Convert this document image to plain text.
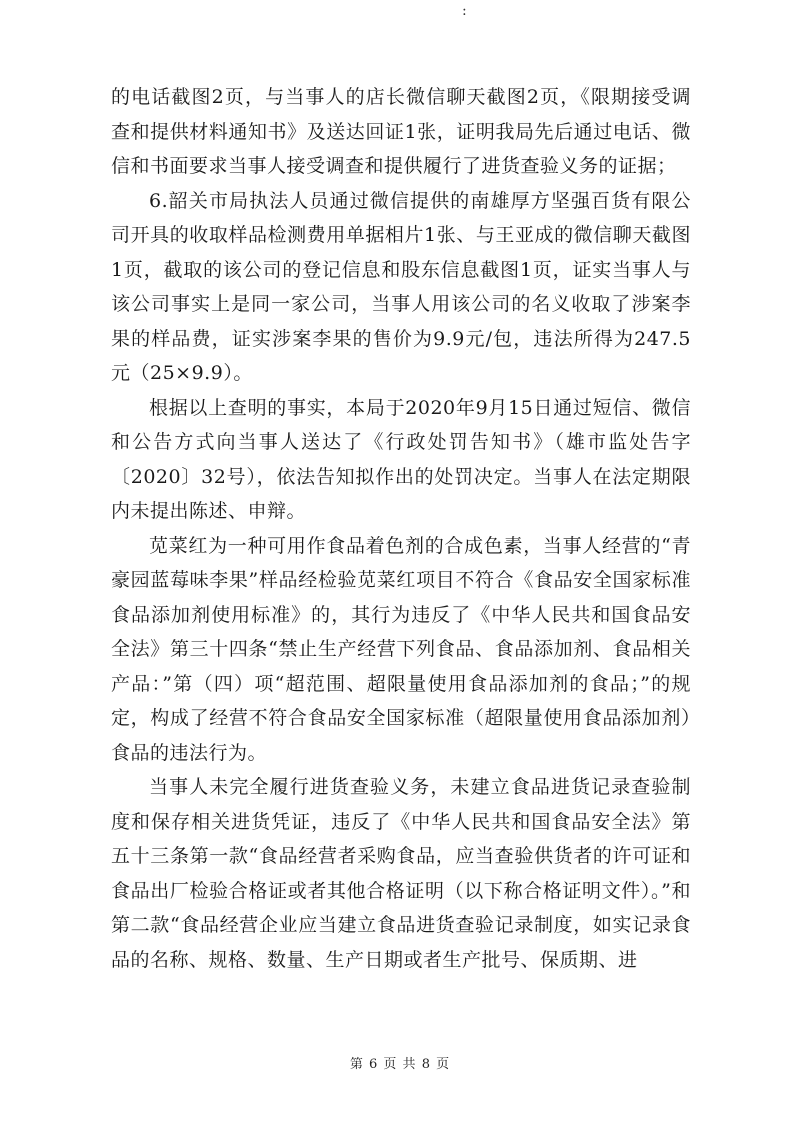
:

的电话截图2页，与当事人的店长微信聊天截图2页，《限期接受调查和提供材料通知书》及送达回证1张，证明我局先后通过电话、微信和书面要求当事人接受调查和提供履行了进货查验义务的证据；

6.韶关市局执法人员通过微信提供的南雄厚方坚强百货有限公司开具的收取样品检测费用单据相片1张、与王亚成的微信聊天截图1页，截取的该公司的登记信息和股东信息截图1页，证实当事人与该公司事实上是同一家公司，当事人用该公司的名义收取了涉案李果的样品费，证实涉案李果的售价为9.9元/包，违法所得为247.5元（25×9.9）。

根据以上查明的事实，本局于2020年9月15日通过短信、微信和公告方式向当事人送达了《行政处罚告知书》（雄市监处告字〔2020〕32号），依法告知拟作出的处罚决定。当事人在法定期限内未提出陈述、申辩。

苋菜红为一种可用作食品着色剂的合成色素，当事人经营的“青豪园蓝莓味李果”样品经检验苋菜红项目不符合《食品安全国家标准 食品添加剂使用标准》的，其行为违反了《中华人民共和国食品安全法》第三十四条“禁止生产经营下列食品、食品添加剂、食品相关产品：”第（四）项“超范围、超限量使用食品添加剂的食品；”的规定，构成了经营不符合食品安全国家标准（超限量使用食品添加剂）食品的违法行为。

当事人未完全履行进货查验义务，未建立食品进货记录查验制度和保存相关进货凭证，违反了《中华人民共和国食品安全法》第五十三条第一款“食品经营者采购食品，应当查验供货者的许可证和食品出厂检验合格证或者其他合格证明（以下称合格证明文件）。”和第二款“食品经营企业应当建立食品进货查验记录制度，如实记录食品的名称、规格、数量、生产日期或者生产批号、保质期、进

第 6 页 共 8 页
